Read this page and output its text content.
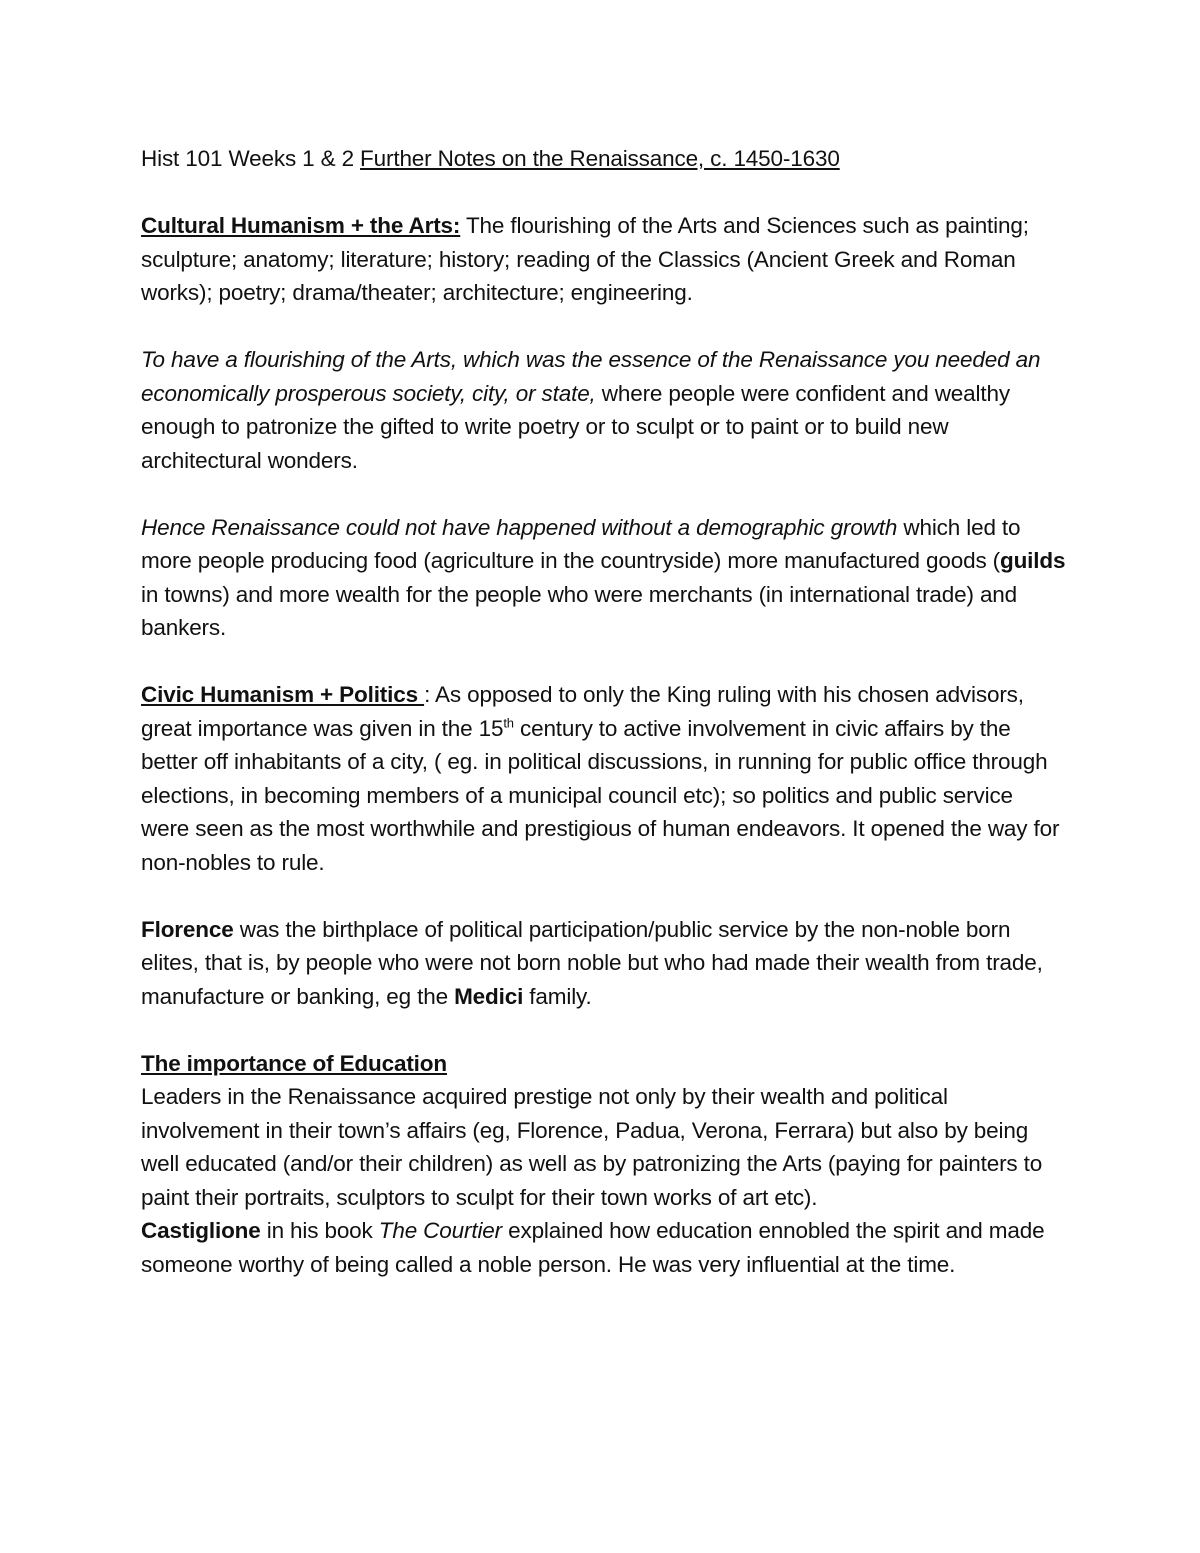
Hist 101 Weeks 1 & 2 Further Notes on the Renaissance, c. 1450-1630
Cultural Humanism + the Arts: The flourishing of the Arts and Sciences such as painting; sculpture; anatomy; literature; history; reading of the Classics (Ancient Greek and Roman works); poetry; drama/theater; architecture; engineering.
To have a flourishing of the Arts, which was the essence of the Renaissance you needed an economically prosperous society, city, or state, where people were confident and wealthy enough to patronize the gifted to write poetry or to sculpt or to paint or to build new architectural wonders.
Hence Renaissance could not have happened without a demographic growth which led to more people producing food (agriculture in the countryside) more manufactured goods (guilds in towns) and more wealth for the people who were merchants (in international trade) and bankers.
Civic Humanism + Politics : As opposed to only the King ruling with his chosen advisors, great importance was given in the 15th century to active involvement in civic affairs by the better off inhabitants of a city, ( eg. in political discussions, in running for public office through elections, in becoming members of a municipal council etc); so politics and public service were seen as the most worthwhile and prestigious of human endeavors. It opened the way for non-nobles to rule.
Florence was the birthplace of political participation/public service by the non-noble born elites, that is, by people who were not born noble but who had made their wealth from trade, manufacture or banking, eg the Medici family.
The importance of Education
Leaders in the Renaissance acquired prestige not only by their wealth and political involvement in their town’s affairs (eg, Florence, Padua, Verona, Ferrara) but also by being well educated (and/or their children) as well as by patronizing the Arts (paying for painters to paint their portraits, sculptors to sculpt for their town works of art etc).
Castiglione in his book The Courtier explained how education ennobled the spirit and made someone worthy of being called a noble person. He was very influential at the time.
